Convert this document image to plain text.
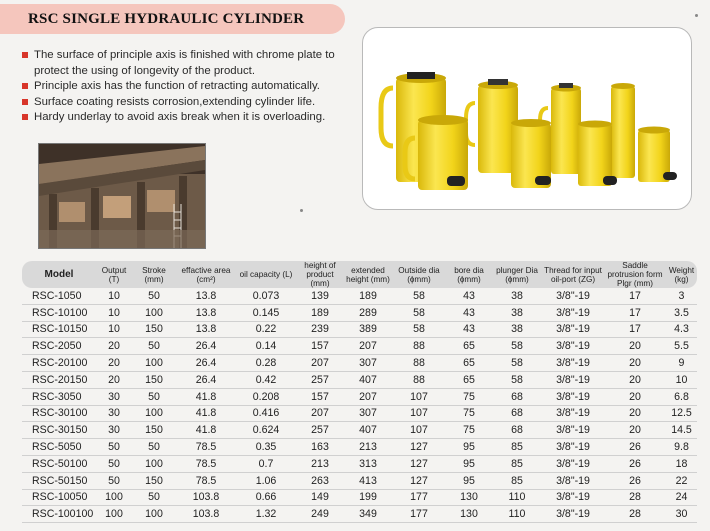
RSC SINGLE HYDRAULIC CYLINDER
The surface of principle axis is finished with chrome plate to protect the using of longevity of the product.
Principle axis has the function of retracting automatically.
Surface coating resists corrosion,extending cylinder life.
Hardy underlay to avoid axis break when it is overloading.
Model	Output (T)	Stroke (mm)	effactive area (cm²)	oil capacity (L)	height of product (mm)	extended height (mm)	Outside dia (ɸmm)	bore dia (ɸmm)	plunger Dia (ɸmm)	Thread for input oil-port (ZG)	Saddle protrusion form Plgr (mm)	Weight (kg)
RSC-1050	10	50	13.8	0.073	139	189	58	43	38	3/8"-19	17	3
RSC-10100	10	100	13.8	0.145	189	289	58	43	38	3/8"-19	17	3.5
RSC-10150	10	150	13.8	0.22	239	389	58	43	38	3/8"-19	17	4.3
RSC-2050	20	50	26.4	0.14	157	207	88	65	58	3/8"-19	20	5.5
RSC-20100	20	100	26.4	0.28	207	307	88	65	58	3/8"-19	20	9
RSC-20150	20	150	26.4	0.42	257	407	88	65	58	3/8"-19	20	10
RSC-3050	30	50	41.8	0.208	157	207	107	75	68	3/8"-19	20	6.8
RSC-30100	30	100	41.8	0.416	207	307	107	75	68	3/8"-19	20	12.5
RSC-30150	30	150	41.8	0.624	257	407	107	75	68	3/8"-19	20	14.5
RSC-5050	50	50	78.5	0.35	163	213	127	95	85	3/8"-19	26	9.8
RSC-50100	50	100	78.5	0.7	213	313	127	95	85	3/8"-19	26	18
RSC-50150	50	150	78.5	1.06	263	413	127	95	85	3/8"-19	26	22
RSC-10050	100	50	103.8	0.66	149	199	177	130	110	3/8"-19	28	24
RSC-100100	100	100	103.8	1.32	249	349	177	130	110	3/8"-19	28	30
